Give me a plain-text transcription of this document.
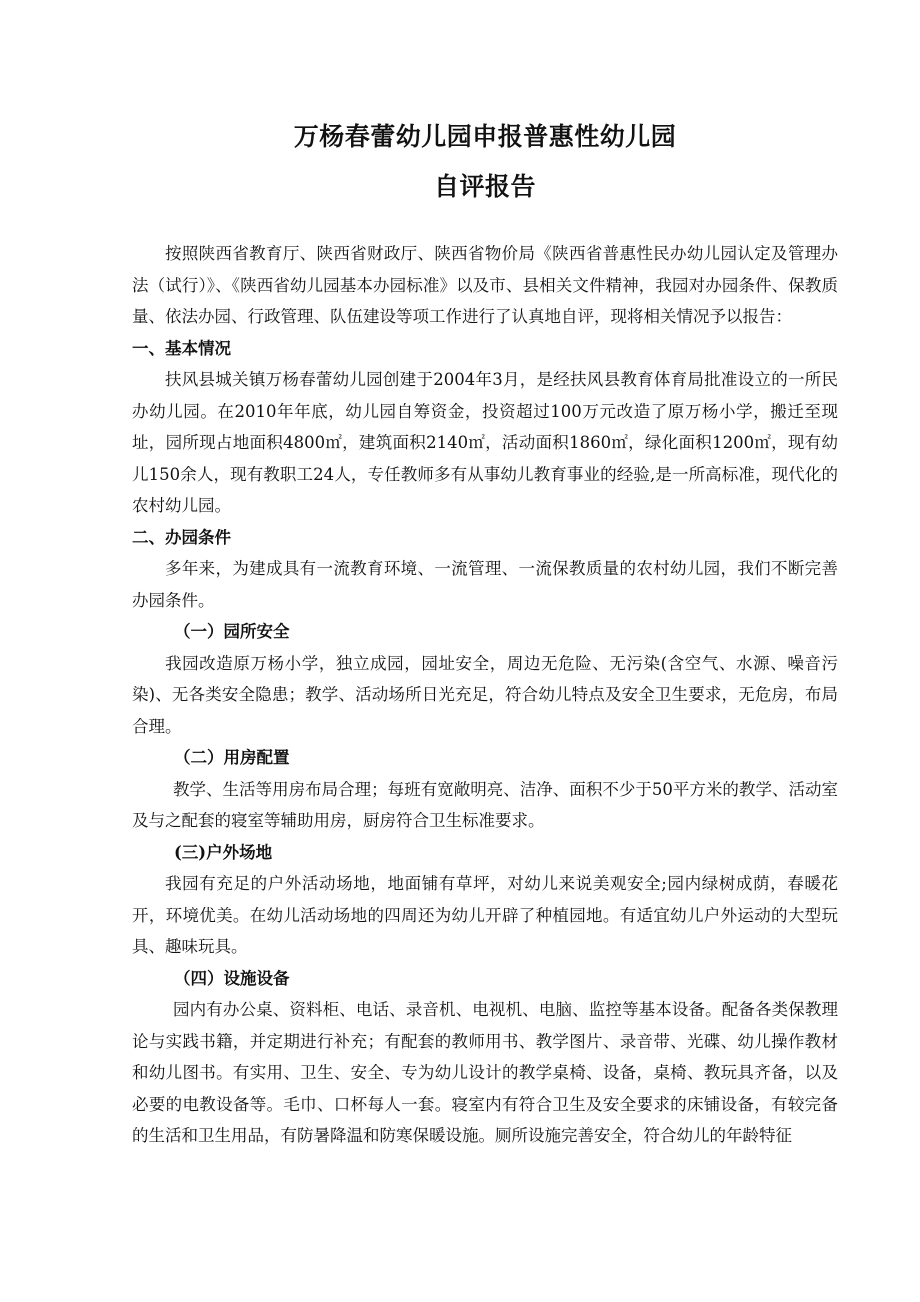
万杨春蕾幼儿园申报普惠性幼儿园
自评报告

按照陕西省教育厅、陕西省财政厅、陕西省物价局《陕西省普惠性民办幼儿园认定及管理办法（试行）》、《陕西省幼儿园基本办园标准》以及市、县相关文件精神，我园对办园条件、保教质量、依法办园、行政管理、队伍建设等项工作进行了认真地自评，现将相关情况予以报告：

一、基本情况

扶风县城关镇万杨春蕾幼儿园创建于2004年3月，是经扶风县教育体育局批准设立的一所民办幼儿园。在2010年年底，幼儿园自筹资金，投资超过100万元改造了原万杨小学，搬迁至现址，园所现占地面积4800㎡，建筑面积2140㎡，活动面积1860㎡，绿化面积1200㎡，现有幼儿150余人，现有教职工24人，专任教师多有从事幼儿教育事业的经验,是一所高标准，现代化的农村幼儿园。

二、办园条件

多年来，为建成具有一流教育环境、一流管理、一流保教质量的农村幼儿园，我们不断完善办园条件。

（一）园所安全

我园改造原万杨小学，独立成园，园址安全，周边无危险、无污染(含空气、水源、噪音污染)、无各类安全隐患；教学、活动场所日光充足，符合幼儿特点及安全卫生要求，无危房，布局合理。

（二）用房配置

教学、生活等用房布局合理；每班有宽敞明亮、洁净、面积不少于50平方米的教学、活动室及与之配套的寝室等辅助用房，厨房符合卫生标准要求。

(三)户外场地

我园有充足的户外活动场地，地面铺有草坪，对幼儿来说美观安全;园内绿树成荫，春暖花开，环境优美。在幼儿活动场地的四周还为幼儿开辟了种植园地。有适宜幼儿户外运动的大型玩具、趣味玩具。

（四）设施设备

园内有办公桌、资料柜、电话、录音机、电视机、电脑、监控等基本设备。配备各类保教理论与实践书籍，并定期进行补充；有配套的教师用书、教学图片、录音带、光碟、幼儿操作教材和幼儿图书。有实用、卫生、安全、专为幼儿设计的教学桌椅、设备，桌椅、教玩具齐备，以及必要的电教设备等。毛巾、口杯每人一套。寝室内有符合卫生及安全要求的床铺设备，有较完备的生活和卫生用品，有防暑降温和防寒保暖设施。厕所设施完善安全，符合幼儿的年龄特征
